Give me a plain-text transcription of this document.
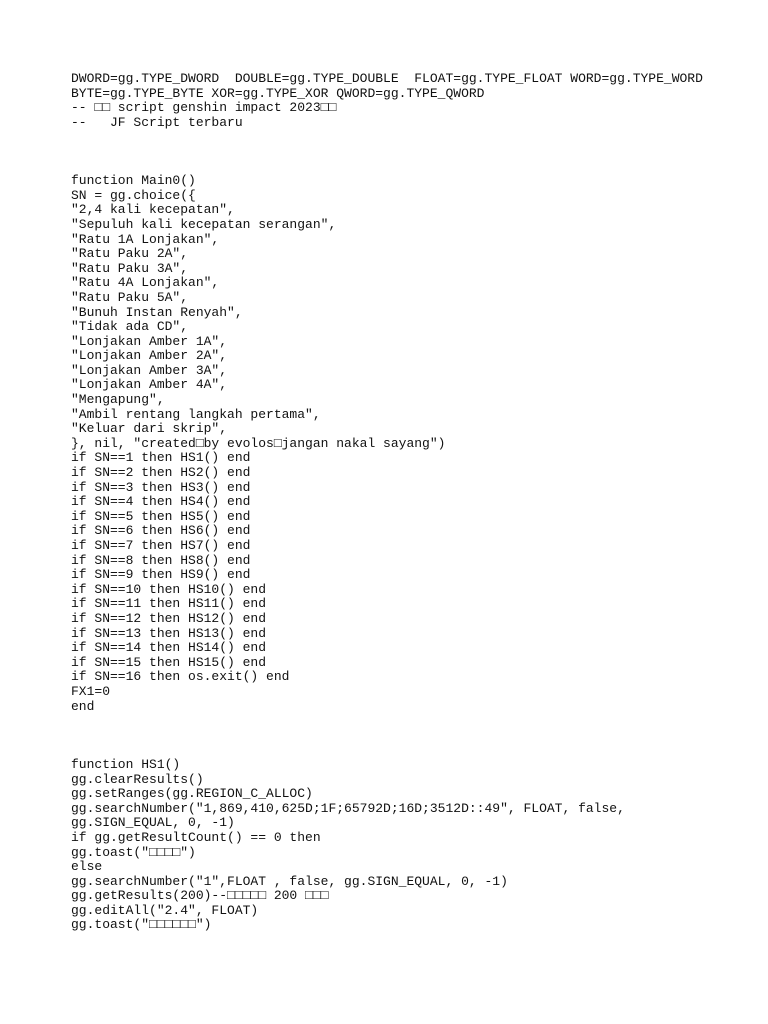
DWORD=gg.TYPE_DWORD  DOUBLE=gg.TYPE_DOUBLE  FLOAT=gg.TYPE_FLOAT WORD=gg.TYPE_WORD
BYTE=gg.TYPE_BYTE XOR=gg.TYPE_XOR QWORD=gg.TYPE_QWORD
-- □□ script genshin impact 2023□□
--   JF Script terbaru
function Main0()
SN = gg.choice({
"2,4 kali kecepatan",
"Sepuluh kali kecepatan serangan",
"Ratu 1A Lonjakan",
"Ratu Paku 2A",
"Ratu Paku 3A",
"Ratu 4A Lonjakan",
"Ratu Paku 5A",
"Bunuh Instan Renyah",
"Tidak ada CD",
"Lonjakan Amber 1A",
"Lonjakan Amber 2A",
"Lonjakan Amber 3A",
"Lonjakan Amber 4A",
"Mengapung",
"Ambil rentang langkah pertama",
"Keluar dari skrip",
}, nil, "created□by evolos□jangan nakal sayang")
if SN==1 then HS1() end
if SN==2 then HS2() end
if SN==3 then HS3() end
if SN==4 then HS4() end
if SN==5 then HS5() end
if SN==6 then HS6() end
if SN==7 then HS7() end
if SN==8 then HS8() end
if SN==9 then HS9() end
if SN==10 then HS10() end
if SN==11 then HS11() end
if SN==12 then HS12() end
if SN==13 then HS13() end
if SN==14 then HS14() end
if SN==15 then HS15() end
if SN==16 then os.exit() end
FX1=0
end
function HS1()
gg.clearResults()
gg.setRanges(gg.REGION_C_ALLOC)
gg.searchNumber("1,869,410,625D;1F;65792D;16D;3512D::49", FLOAT, false,
gg.SIGN_EQUAL, 0, -1)
if gg.getResultCount() == 0 then
gg.toast("□□□□")
else
gg.searchNumber("1",FLOAT , false, gg.SIGN_EQUAL, 0, -1)
gg.getResults(200)--□□□□□ 200 □□□
gg.editAll("2.4", FLOAT)
gg.toast("□□□□□□")
